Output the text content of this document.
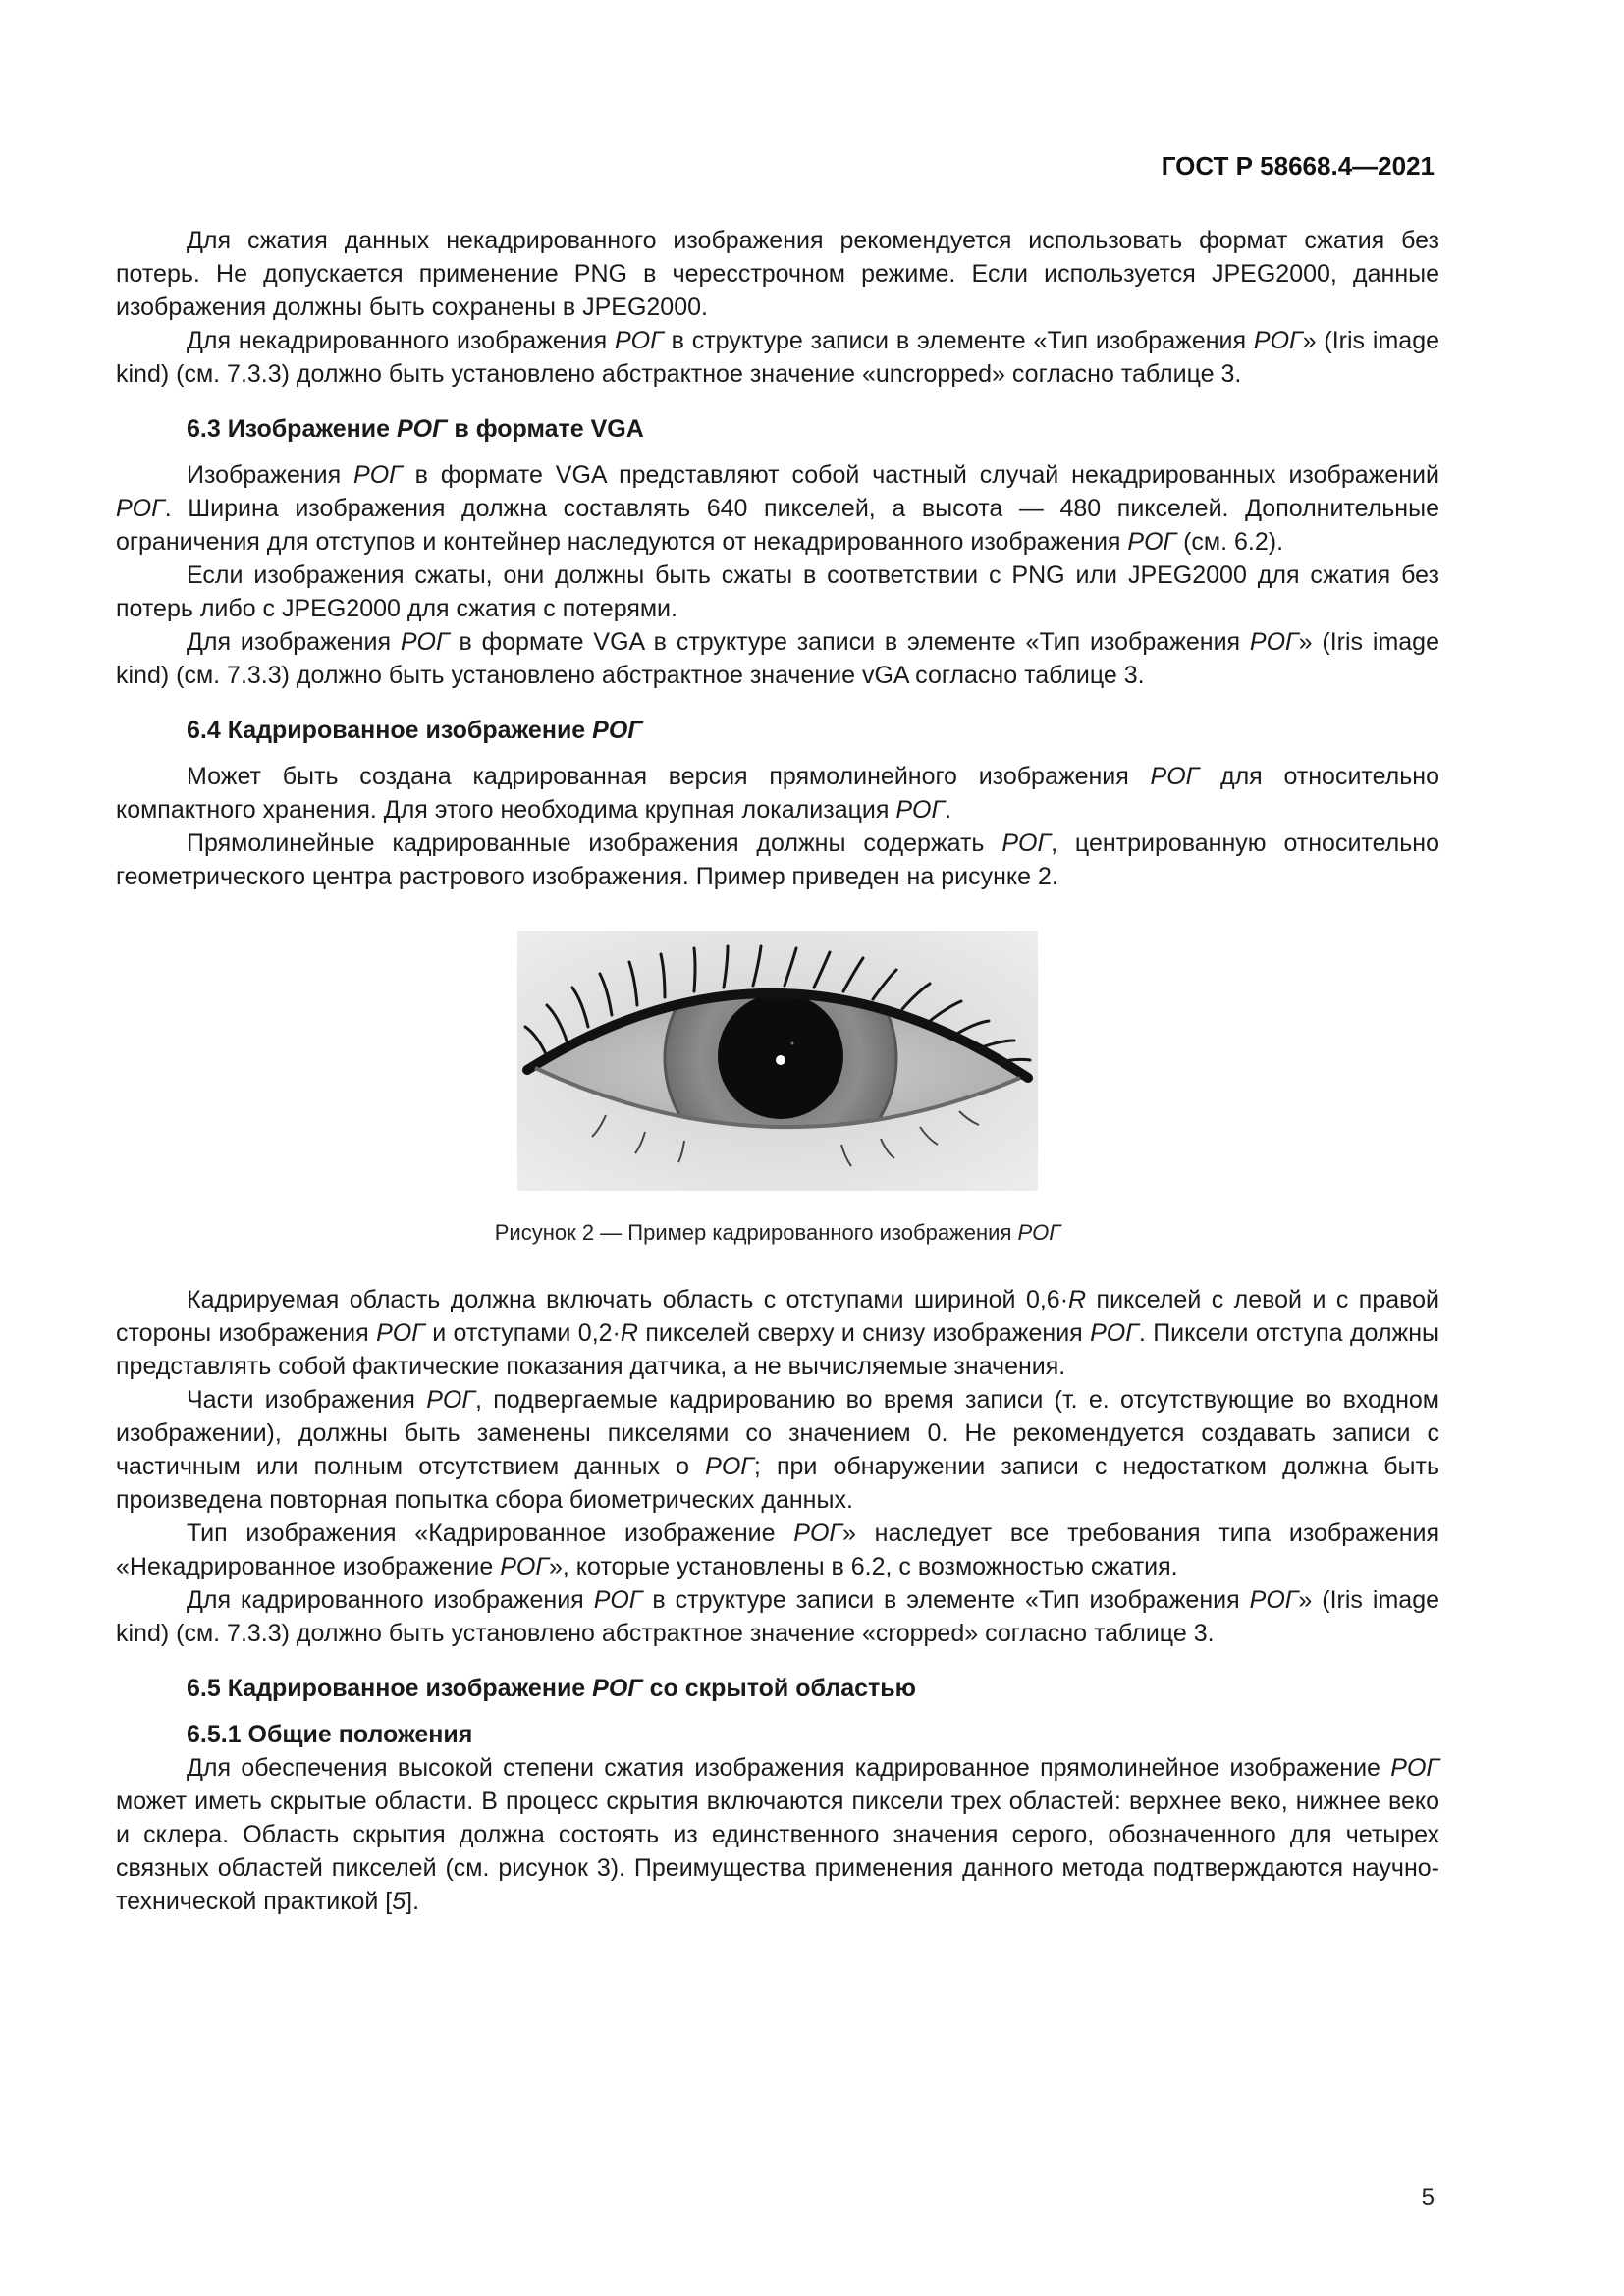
ГОСТ Р 58668.4—2021

Для сжатия данных некадрированного изображения рекомендуется использовать формат сжатия без потерь. Не допускается применение PNG в чересстрочном режиме. Если используется JPEG2000, данные изображения должны быть сохранены в JPEG2000.

Для некадрированного изображения РОГ в структуре записи в элементе «Тип изображения РОГ» (Iris image kind) (см. 7.3.3) должно быть установлено абстрактное значение «uncropped» согласно таблице 3.

6.3 Изображение РОГ в формате VGA

Изображения РОГ в формате VGA представляют собой частный случай некадрированных изображений РОГ. Ширина изображения должна составлять 640 пикселей, а высота — 480 пикселей. Дополнительные ограничения для отступов и контейнер наследуются от некадрированного изображения РОГ (см. 6.2).

Если изображения сжаты, они должны быть сжаты в соответствии с PNG или JPEG2000 для сжатия без потерь либо с JPEG2000 для сжатия с потерями.

Для изображения РОГ в формате VGA в структуре записи в элементе «Тип изображения РОГ» (Iris image kind) (см. 7.3.3) должно быть установлено абстрактное значение vGA согласно таблице 3.

6.4 Кадрированное изображение РОГ

Может быть создана кадрированная версия прямолинейного изображения РОГ для относительно компактного хранения. Для этого необходима крупная локализация РОГ.

Прямолинейные кадрированные изображения должны содержать РОГ, центрированную относительно геометрического центра растрового изображения. Пример приведен на рисунке 2.

Рисунок 2 — Пример кадрированного изображения РОГ

Кадрируемая область должна включать область с отступами шириной 0,6·R пикселей с левой и с правой стороны изображения РОГ и отступами 0,2·R пикселей сверху и снизу изображения РОГ. Пиксели отступа должны представлять собой фактические показания датчика, а не вычисляемые значения.

Части изображения РОГ, подвергаемые кадрированию во время записи (т. е. отсутствующие во входном изображении), должны быть заменены пикселями со значением 0. Не рекомендуется создавать записи с частичным или полным отсутствием данных о РОГ; при обнаружении записи с недостатком должна быть произведена повторная попытка сбора биометрических данных.

Тип изображения «Кадрированное изображение РОГ» наследует все требования типа изображения «Некадрированное изображение РОГ», которые установлены в 6.2, с возможностью сжатия.

Для кадрированного изображения РОГ в структуре записи в элементе «Тип изображения РОГ» (Iris image kind) (см. 7.3.3) должно быть установлено абстрактное значение «cropped» согласно таблице 3.

6.5 Кадрированное изображение РОГ со скрытой областью
6.5.1 Общие положения

Для обеспечения высокой степени сжатия изображения кадрированное прямолинейное изображение РОГ может иметь скрытые области. В процесс скрытия включаются пиксели трех областей: верхнее веко, нижнее веко и склера. Область скрытия должна состоять из единственного значения серого, обозначенного для четырех связных областей пикселей (см. рисунок 3). Преимущества применения данного метода подтверждаются научно-технической практикой [5].

5
